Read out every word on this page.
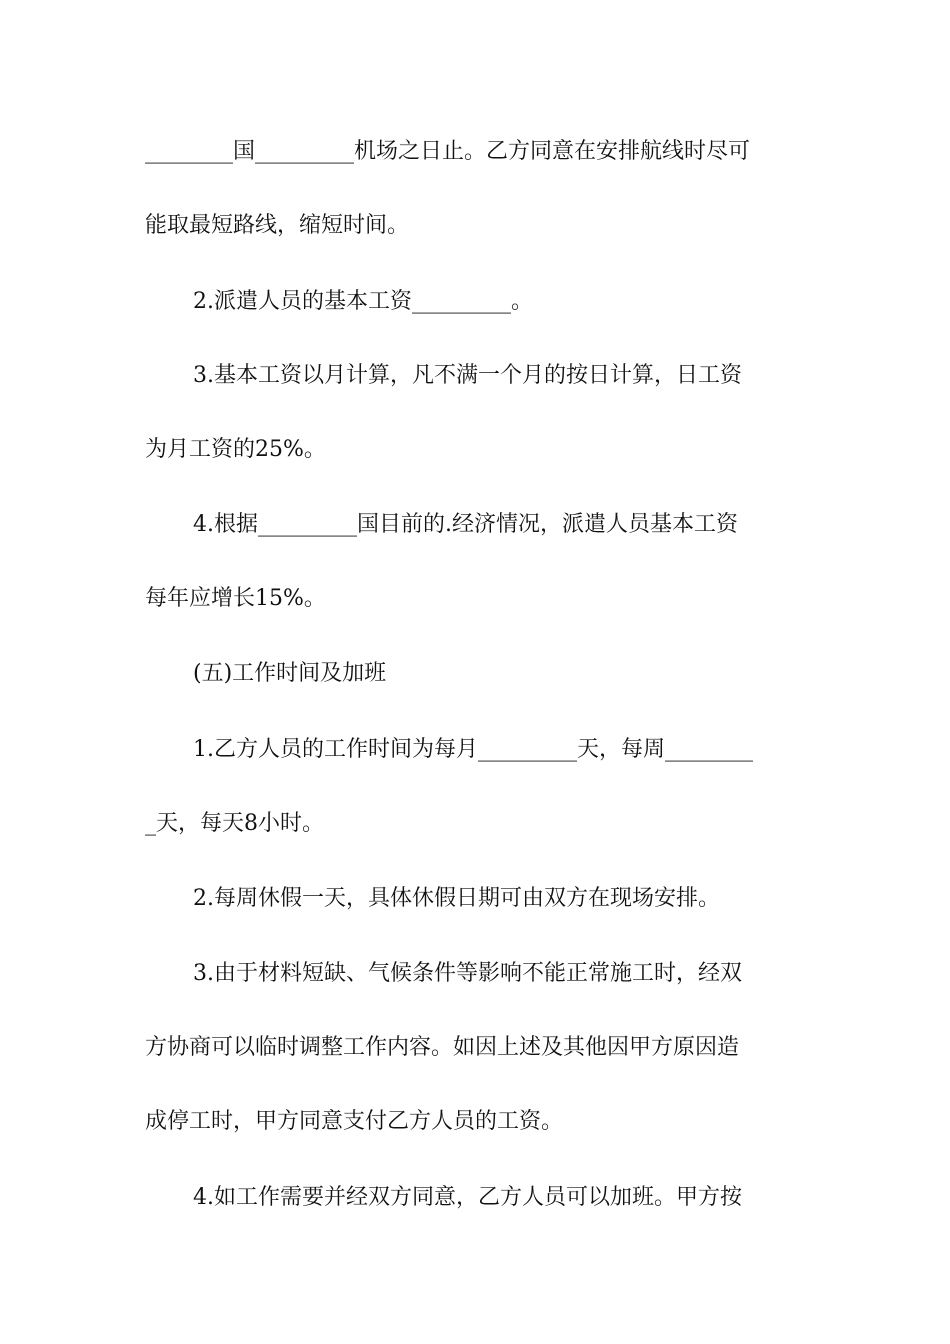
________国_________机场之日止。乙方同意在安排航线时尽可
能取最短路线，缩短时间。
2.派遣人员的基本工资_________。
3.基本工资以月计算，凡不满一个月的按日计算，日工资
为月工资的25%。
4.根据_________国目前的.经济情况，派遣人员基本工资
每年应增长15%。
(五)工作时间及加班
1.乙方人员的工作时间为每月_________天，每周________
_天，每天8小时。
2.每周休假一天，具体休假日期可由双方在现场安排。
3.由于材料短缺、气候条件等影响不能正常施工时，经双
方协商可以临时调整工作内容。如因上述及其他因甲方原因造
成停工时，甲方同意支付乙方人员的工资。
4.如工作需要并经双方同意，乙方人员可以加班。甲方按
